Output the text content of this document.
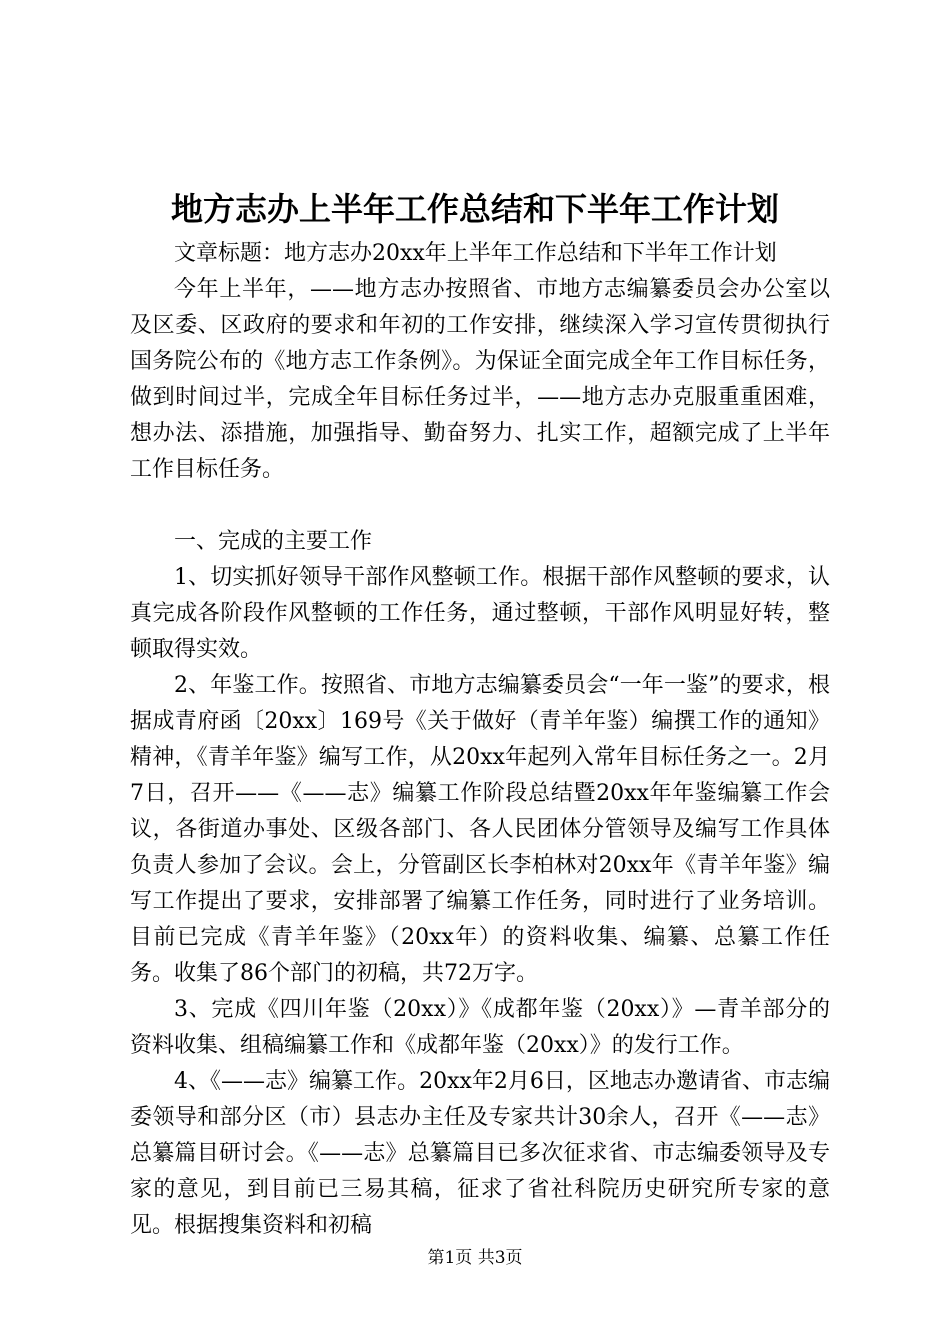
地方志办上半年工作总结和下半年工作计划

文章标题：地方志办20xx年上半年工作总结和下半年工作计划

今年上半年，——地方志办按照省、市地方志编纂委员会办公室以及区委、区政府的要求和年初的工作安排，继续深入学习宣传贯彻执行国务院公布的《地方志工作条例》。为保证全面完成全年工作目标任务，做到时间过半，完成全年目标任务过半，——地方志办克服重重困难，想办法、添措施，加强指导、勤奋努力、扎实工作，超额完成了上半年工作目标任务。

一、完成的主要工作

1、切实抓好领导干部作风整顿工作。根据干部作风整顿的要求，认真完成各阶段作风整顿的工作任务，通过整顿，干部作风明显好转，整顿取得实效。

2、年鉴工作。按照省、市地方志编纂委员会“一年一鉴”的要求，根据成青府函〔20xx〕169号《关于做好（青羊年鉴）编撰工作的通知》精神，《青羊年鉴》编写工作，从20xx年起列入常年目标任务之一。2月7日，召开——《——志》编纂工作阶段总结暨20xx年年鉴编纂工作会议，各街道办事处、区级各部门、各人民团体分管领导及编写工作具体负责人参加了会议。会上，分管副区长李柏林对20xx年《青羊年鉴》编写工作提出了要求，安排部署了编纂工作任务，同时进行了业务培训。目前已完成《青羊年鉴》（20xx年）的资料收集、编纂、总纂工作任务。收集了86个部门的初稿，共72万字。

3、完成《四川年鉴（20xx）》《成都年鉴（20xx）》—青羊部分的资料收集、组稿编纂工作和《成都年鉴（20xx）》的发行工作。

4、《——志》编纂工作。20xx年2月6日，区地志办邀请省、市志编委领导和部分区（市）县志办主任及专家共计30余人，召开《——志》总纂篇目研讨会。《——志》总纂篇目已多次征求省、市志编委领导及专家的意见，到目前已三易其稿，征求了省社科院历史研究所专家的意见。根据搜集资料和初稿

第1页 共3页
